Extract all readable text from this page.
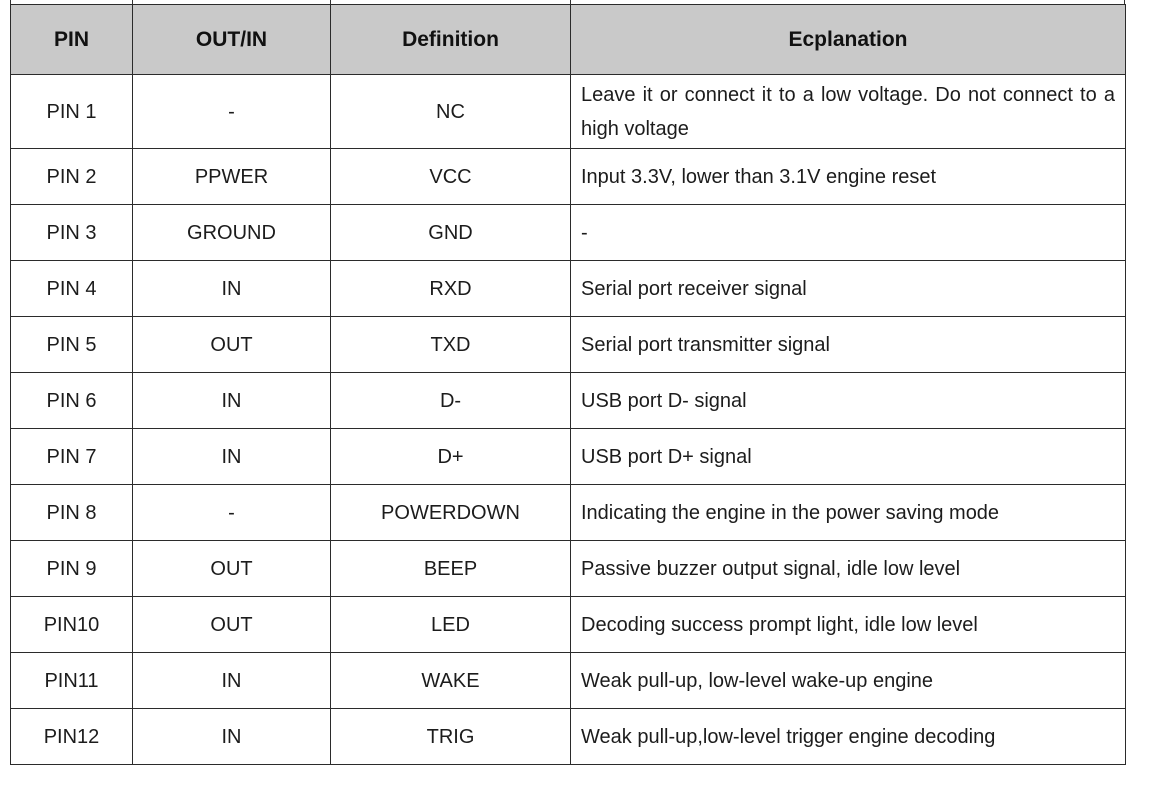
PIN	OUT/IN	Definition	Ecplanation
PIN 1	-	NC	Leave it or connect it to a low voltage. Do not connect to a high voltage
PIN 2	PPWER	VCC	Input 3.3V, lower than 3.1V engine reset
PIN 3	GROUND	GND	-
PIN 4	IN	RXD	Serial port receiver signal
PIN 5	OUT	TXD	Serial port transmitter signal
PIN 6	IN	D-	USB port D- signal
PIN 7	IN	D+	USB port D+ signal
PIN 8	-	POWERDOWN	Indicating the engine in the power saving mode
PIN 9	OUT	BEEP	Passive buzzer output signal, idle low level
PIN10	OUT	LED	Decoding success prompt light, idle low level
PIN11	IN	WAKE	Weak pull-up, low-level wake-up engine
PIN12	IN	TRIG	Weak pull-up,low-level trigger engine decoding
